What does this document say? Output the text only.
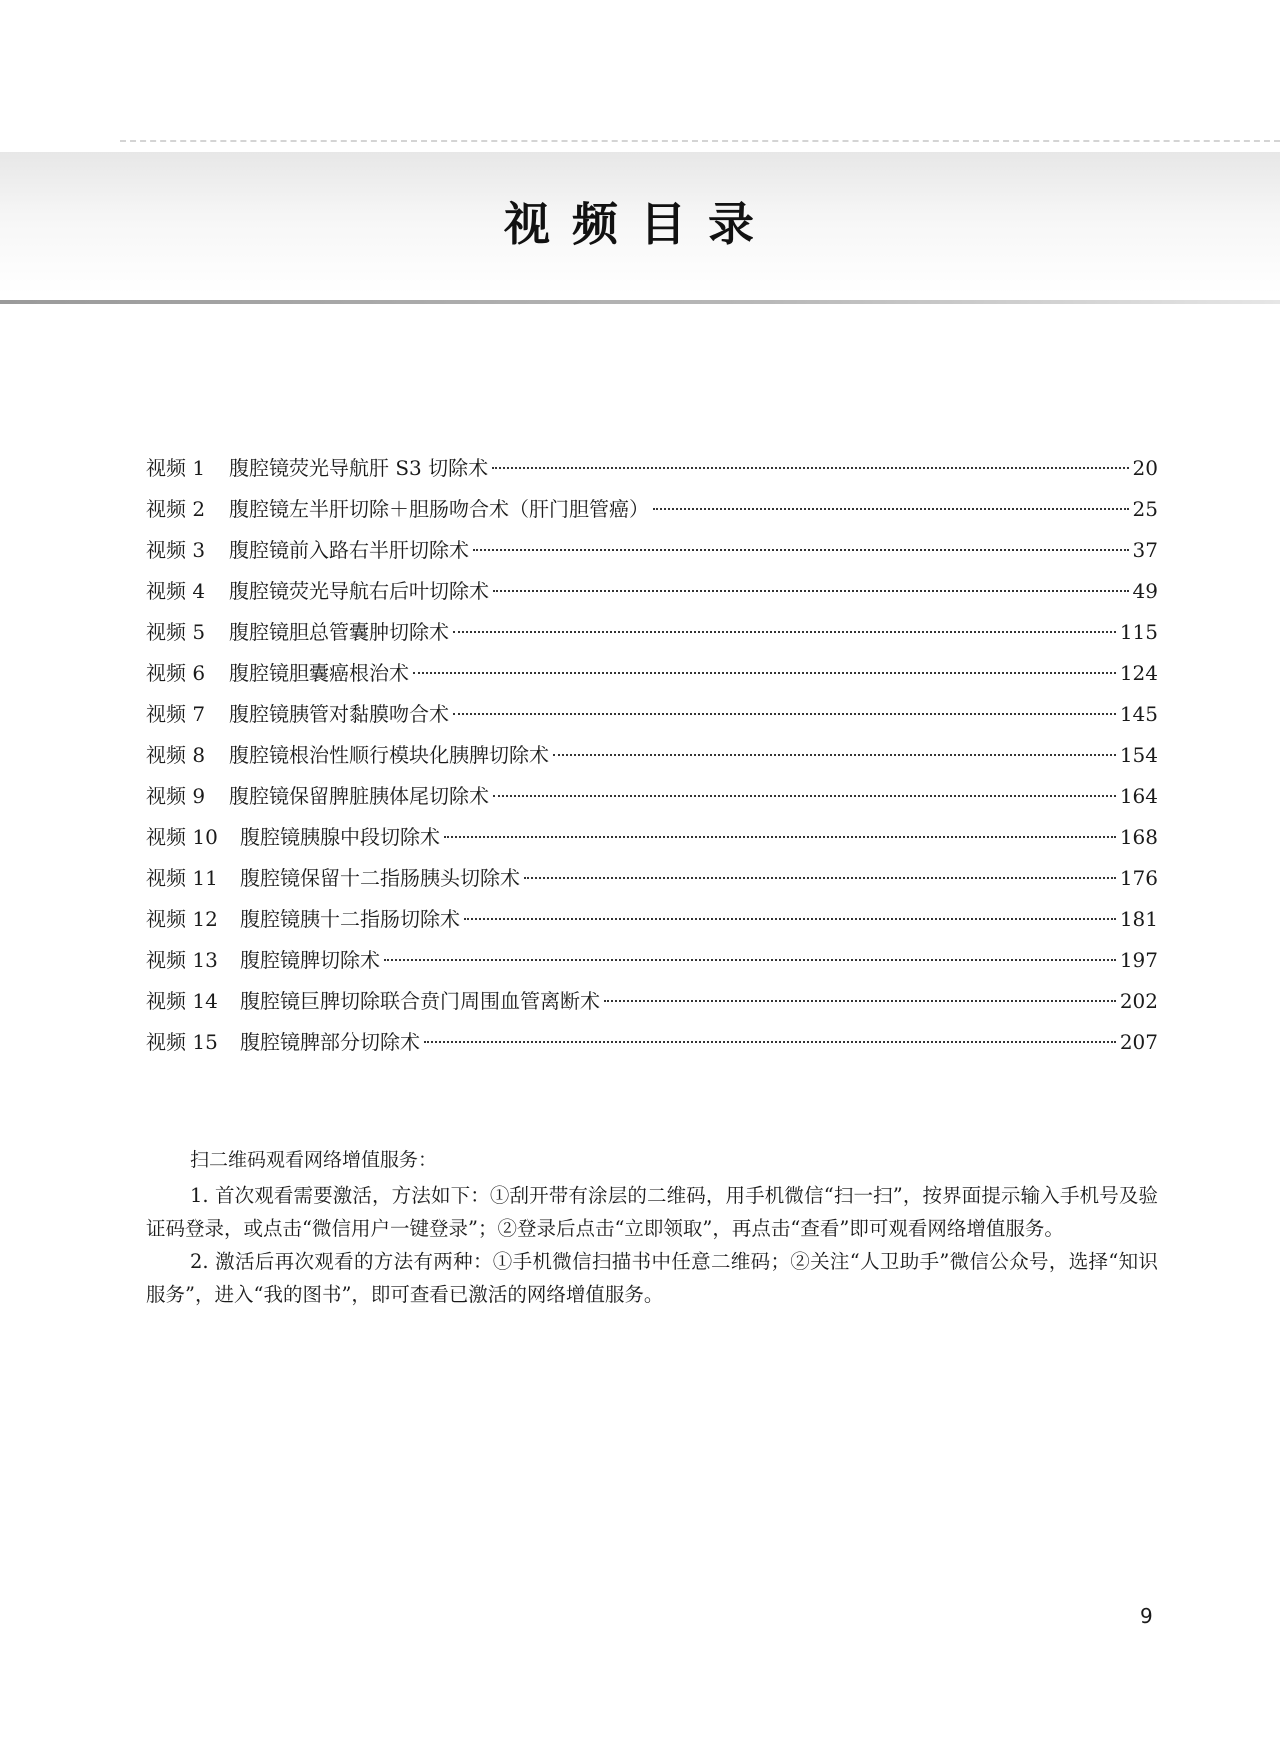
视频目录
视频 1	腹腔镜荧光导航肝 S3 切除术	20
视频 2	腹腔镜左半肝切除＋胆肠吻合术（肝门胆管癌）	25
视频 3	腹腔镜前入路右半肝切除术	37
视频 4	腹腔镜荧光导航右后叶切除术	49
视频 5	腹腔镜胆总管囊肿切除术	115
视频 6	腹腔镜胆囊癌根治术	124
视频 7	腹腔镜胰管对黏膜吻合术	145
视频 8	腹腔镜根治性顺行模块化胰脾切除术	154
视频 9	腹腔镜保留脾脏胰体尾切除术	164
视频 10	腹腔镜胰腺中段切除术	168
视频 11	腹腔镜保留十二指肠胰头切除术	176
视频 12	腹腔镜胰十二指肠切除术	181
视频 13	腹腔镜脾切除术	197
视频 14	腹腔镜巨脾切除联合贲门周围血管离断术	202
视频 15	腹腔镜脾部分切除术	207
扫二维码观看网络增值服务：

1. 首次观看需要激活，方法如下：①刮开带有涂层的二维码，用手机微信“扫一扫”，按界面提示输入手机号及验证码登录，或点击“微信用户一键登录”；②登录后点击“立即领取”，再点击“查看”即可观看网络增值服务。

2. 激活后再次观看的方法有两种：①手机微信扫描书中任意二维码；②关注“人卫助手”微信公众号，选择“知识服务”，进入“我的图书”，即可查看已激活的网络增值服务。

9
